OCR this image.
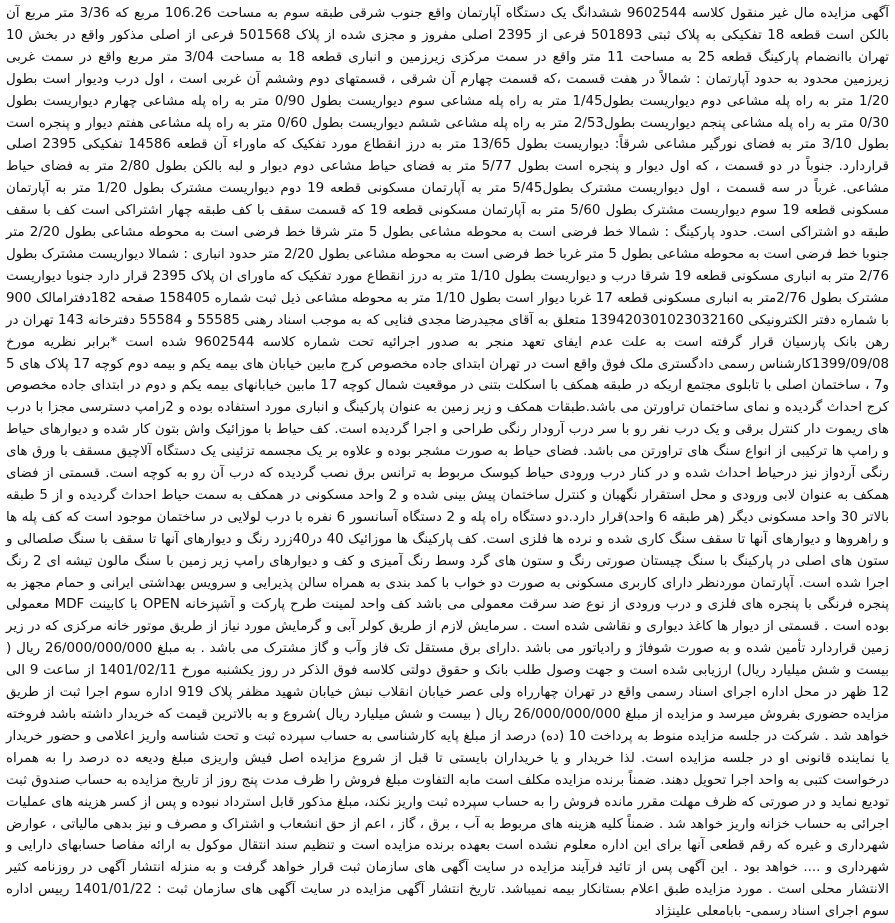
آگهی مزایده مال غیر منقول کلاسه 9602544 ششدانگ یک دستگاه آپارتمان واقع جنوب شرقی طبقه سوم به مساحت 106.26 مربع که 3/36 متر مربع آن بالکن است قطعه 18 تفکیکی به پلاک ثبتی 501893 فرعی از 2395 اصلی مفروز و مجزی شده از پلاک 501568 فرعی از اصلی مذکور واقع در بخش 10 تهران باانضمام پارکینگ قطعه 25 به مساحت 11 متر واقع در سمت مرکزی زیرزمین و انباری قطعه 18 به مساحت 3/04 متر مربع واقع در سمت غربی زیرزمین محدود به حدود آپارتمان : شمالاً در هفت قسمت ،که قسمت چهارم آن شرقی ، قسمتهای دوم وششم آن غربی است ، اول درب ودیوار است بطول 1/20 متر به راه پله مشاعی دوم دیواریست بطول1/45 متر به راه پله مشاعی سوم دیواریست بطول 0/90 متر به راه پله مشاعی چهارم دیواریست بطول 0/30 متر به راه پله مشاعی پنجم دیواریست بطول2/53 متر به راه پله مشاعی ششم دیواریست بطول 0/60 متر به راه پله مشاعی هفتم دیوار و پنجره است بطول 3/10 متر به فضای نورگیر مشاعی شرقاً: دیواریست بطول 13/65 متر به درز انقطاع مورد تفکیک که ماوراء آن قطعه 14586 تفکیکی 2395 اصلی قراردارد. جنوباً در دو قسمت ، که اول دیوار و پنجره است بطول 5/77 متر به فضای حیاط مشاعی دوم دیوار و لبه بالکن بطول 2/80 متر به فضای حیاط مشاعی. غرباً در سه قسمت ، اول دیواریست مشترک بطول5/45 متر به آپارتمان مسکونی قطعه 19 دوم دیواریست مشترک بطول 1/20 متر به آپارتمان مسکونی قطعه 19 سوم دیواریست مشترک بطول 5/60 متر به آپارتمان مسکونی قطعه 19 که قسمت سقف با کف طبقه چهار اشتراکی است کف با سقف طبقه دو اشتراکی است. حدود پارکینگ : شمالا خط فرضی است به محوطه مشاعی بطول 5 متر شرقا خط فرضی است به محوطه مشاعی بطول 2/20 متر جنوبا خط فرضی است به محوطه مشاعی بطول 5 متر غربا خط فرضی است به محوطه مشاعی بطول 2/20 متر حدود انباری : شمالا دیواریست مشترک بطول 2/76 متر به انباری مسکونی قطعه 19 شرقا درب و دیواریست بطول 1/10 متر به درز انقطاع مورد تفکیک که ماورای ان پلاک 2395 قرار دارد جنوبا دیواریست مشترک بطول 2/76متر به انباری مسکونی قطعه 17 غربا دیوار است بطول 1/10 متر به محوطه مشاعی ذیل ثبت شماره 158405 صفحه 182دفترامالک 900 با شماره دفتر الکترونیکی 139420301023032160 متعلق به آقای مجیدرضا مجدی فنایی که به موجب اسناد رهنی 55585 و 55584 دفترخانه 143 تهران در رهن بانک پارسیان قرار گرفته است به علت عدم ایفای تعهد منجر به صدور اجرائیه تحت شماره کلاسه 9602544 شده است *برابر نظریه مورخ 1399/09/08کارشناس رسمی دادگستری ملک فوق واقع است در تهران ابتدای جاده مخصوص کرج مابین خیابان های بیمه یکم و بیمه دوم کوچه 17 پلاک های 5 و7 ، ساختمان اصلی با تابلوی مجتمع اریکه در طبقه همکف با اسکلت بتنی در موقعیت شمال کوچه 17 مابین خیابانهای بیمه یکم و دوم در ابتدای جاده مخصوص کرج احداث گردیده و نمای ساختمان تراورتن می باشد.طبقات همکف و زیر زمین به عنوان پارکینگ و انباری مورد استفاده بوده و 2رامپ دسترسی مجزا با درب های ریموت دار کنترل برقی و یک درب نفر رو با سر درب آرودار رنگی طراحی و اجرا گردیده است. کف حیاط با موزائیک واش بتون کار شده و دیوارهای حیاط و رامپ ها ترکیبی از انواع سنگ های تراورتن می باشد. فضای حیاط به صورت مشجر بوده و علاوه بر یک مجسمه تزئینی یک دستگاه آلاچیق مسقف با ورق های رنگی آردواز نیز درحیاط احداث شده و در کنار درب ورودی حیاط کیوسک مربوط به ترانس برق نصب گردیده که درب آن رو به کوچه است. قسمتی از فضای همکف به عنوان لابی ورودی و محل استقرار نگهبان و کنترل ساختمان پیش بینی شده و 2 واحد مسکونی در همکف به سمت حیاط احداث گردیده و از 5 طبقه بالاتر 30 واحد مسکونی دیگر (هر طبقه 6 واحد)قرار دارد.دو دستگاه راه پله و 2 دستگاه آسانسور 6 نفره با درب لولایی در ساختمان موجود است که کف پله ها و راهروها و دیوارهای آنها تا سقف سنگ کاری شده و نرده ها فلزی است. کف پارکینگ ها موزائیک 40 در40زرد رنگ و دیوارهای آنها تا سقف با سنگ صلصالی و ستون های اصلی در پارکینگ با سنگ چیستان صورتی رنگ و ستون های گرد وسط رنگ آمیزی و کف و دیوارهای رامپ زیر زمین با سنگ مالون تیشه ای 2 رنگ اجرا شده است. آپارتمان موردنظر دارای کاربری مسکونی به صورت دو خواب با کمد بندی به همراه سالن پذیرایی و سرویس بهداشتی ایرانی و حمام مجهز به پنجره فرنگی با پنجره های فلزی و درب ورودی از نوع ضد سرقت معمولی می باشد کف واحد لمینت طرح پارکت و آشپزخانه OPEN با کابینت MDF معمولی بوده است . قسمتی از دیوار ها کاغذ دیواری و نقاشی شده است . سرمایش لازم از طریق کولر آبی و گرمایش مورد نیاز از طریق موتور خانه مرکزی که در زیر زمین قراردارد تأمین شده و به صورت شوفاژ و رادیاتور می باشد .دارای برق مستقل تک فاز وآب و گاز مشترک می باشد . به مبلغ 26/000/000/000 ریال ( بیست و شش میلیارد ریال) ارزیابی شده است و جهت وصول طلب بانک و حقوق دولتی کلاسه فوق الذکر در روز یکشنبه مورخ 1401/02/11 از ساعت 9 الی 12 ظهر در محل اداره اجرای اسناد رسمی واقع در تهران چهارراه ولی عصر خیابان انقلاب نبش خیابان شهید مظفر پلاک 919 اداره سوم اجرا ثبت از طریق مزایده حضوری بفروش میرسد و مزایده از مبلغ 26/000/000/000 ریال ( بیست و شش میلیارد ریال )شروع و به بالاترین قیمت که خریدار داشته باشد فروخته خواهد شد . شرکت در جلسه مزایده منوط به پرداخت 10 (ده) درصد از مبلغ پایه کارشناسی به حساب سپرده ثبت و تحت شناسه واریز اعلامی و حضور خریدار یا نماینده قانونی او در جلسه مزایده است. لذا خریدار و یا خریداران بایستی تا قبل از شروع مزایده اصل فیش واریزی مبلغ ودیعه ده درصد را به همراه درخواست کتبی به واحد اجرا تحویل دهند. ضمناً برنده مزایده مکلف است مابه التفاوت مبلغ فروش را ظرف مدت پنج روز از تاریخ مزایده به حساب صندوق ثبت تودیع نماید و در صورتی که ظرف مهلت مقرر مانده فروش را به حساب سپرده ثبت واریز نکند، مبلغ مذکور قابل استرداد نبوده و پس از کسر هزینه های عملیات اجرائی به حساب خزانه واریز خواهد شد . ضمناً کلیه هزینه های مربوط به آب ، برق ، گاز ، اعم از حق انشعاب و اشتراک و مصرف و نیز بدهی مالیاتی ، عوارض شهرداری و غیره که رقم قطعی آنها برای این اداره معلوم نشده است بعهده برنده مزایده است و تنظیم سند انتقال موکول به ارائه مفاصا حسابهای دارایی و شهرداری و .... خواهد بود . این آگهی پس از تائید فرآیند مزایده در سایت آگهی های سازمان ثبت قرار خواهد گرفت و به منزله انتشار آگهی در روزنامه کثیر الانتشار محلی است . مورد مزایده طبق اعلام بستانکار بیمه نمیباشد. تاریخ انتشار آگهی مزایده در سایت آگهی های سازمان ثبت : 1401/01/22 رییس اداره سوم اجرای اسناد رسمی- بابامعلی علینژاد
